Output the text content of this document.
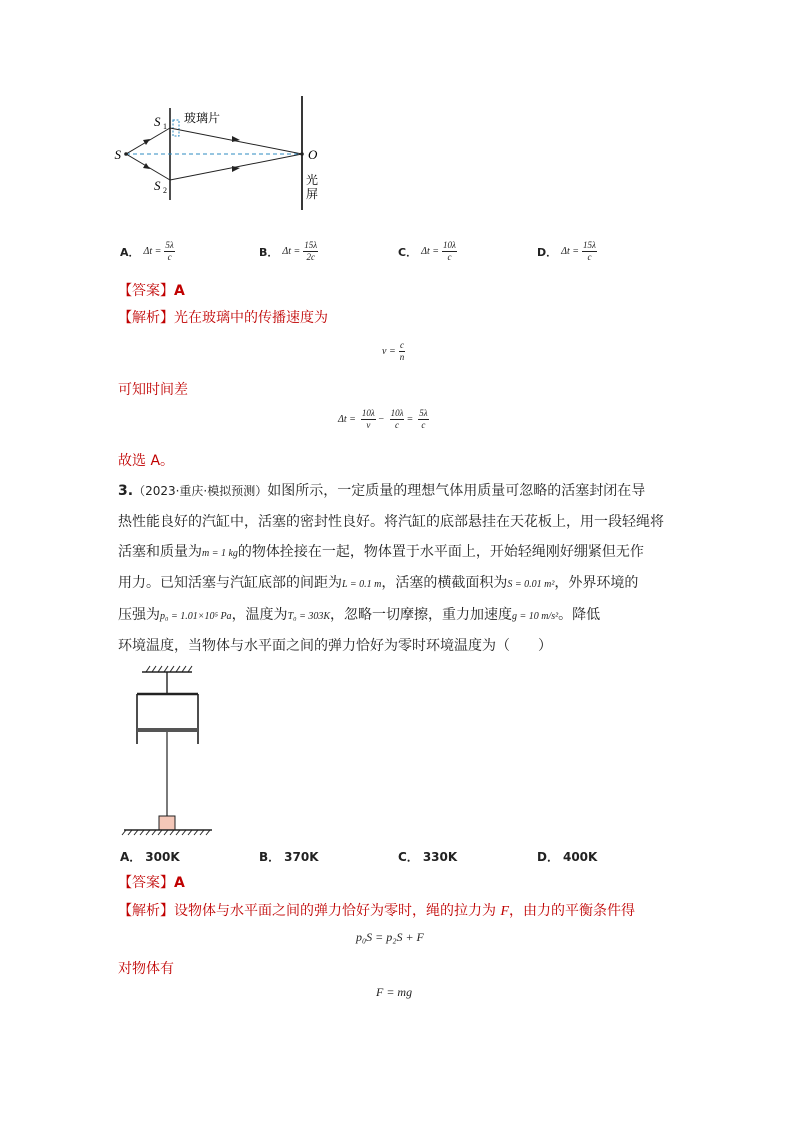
S
S 1
S 2
玻璃片
O
光
屏
A． $\Delta t = \frac{5\lambda}{c}$	B． $\Delta t = \frac{15\lambda}{2c}$	C． $\Delta t = \frac{10\lambda}{c}$	D． $\Delta t = \frac{15\lambda}{c}$
【答案】A
【解析】光在玻璃中的传播速度为
$v = \frac{c}{n}$
可知时间差
$\Delta t = \frac{10\lambda}{v} - \frac{10\lambda}{c} = \frac{5\lambda}{c}$
故选 A。
3.（2023·重庆·模拟预测）如图所示，一定质量的理想气体用质量可忽略的活塞封闭在导
热性能良好的汽缸中，活塞的密封性良好。将汽缸的底部悬挂在天花板上，用一段轻绳将
活塞和质量为m = 1 kg的物体拴接在一起，物体置于水平面上，开始轻绳刚好绷紧但无作
用力。已知活塞与汽缸底部的间距为L = 0.1 m，活塞的横截面积为S = 0.01 m²，外界环境的
压强为p₀ = 1.01×10⁵ Pa，温度为T₀ = 303K，忽略一切摩擦，重力加速度g = 10 m/s²。降低
环境温度，当物体与水平面之间的弹力恰好为零时环境温度为（　　）
A． 300K	B． 370K	C． 330K	D． 400K
【答案】A
【解析】设物体与水平面之间的弹力恰好为零时，绳的拉力为 F，由力的平衡条件得
p₀S = p₂S + F
对物体有
F = mg
